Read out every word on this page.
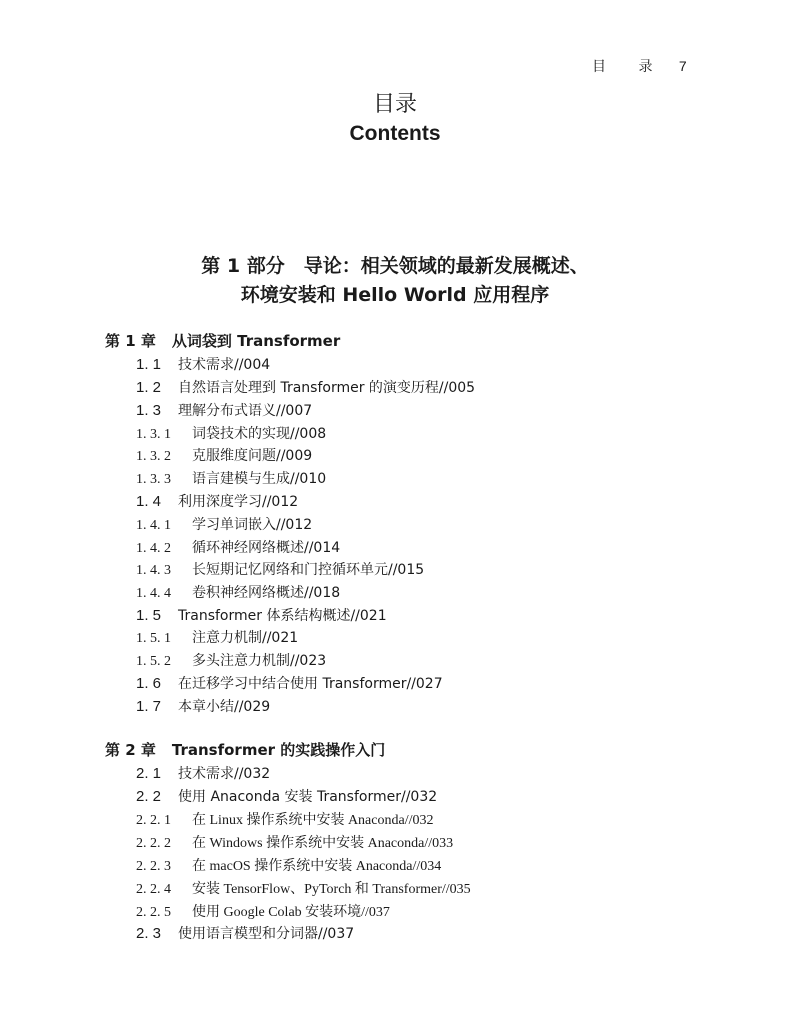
目 录 7
目录
Contents
第 1 部分　导论：相关领域的最新发展概述、
环境安装和 Hello World 应用程序
第 1 章 从词袋到 Transformer
1. 1 技术需求//004
1. 2 自然语言处理到 Transformer 的演变历程//005
1. 3 理解分布式语义//007
1. 3. 1 词袋技术的实现//008
1. 3. 2 克服维度问题//009
1. 3. 3 语言建模与生成//010
1. 4 利用深度学习//012
1. 4. 1 学习单词嵌入//012
1. 4. 2 循环神经网络概述//014
1. 4. 3 长短期记忆网络和门控循环单元//015
1. 4. 4 卷积神经网络概述//018
1. 5 Transformer 体系结构概述//021
1. 5. 1 注意力机制//021
1. 5. 2 多头注意力机制//023
1. 6 在迁移学习中结合使用 Transformer//027
1. 7 本章小结//029
第 2 章 Transformer 的实践操作入门
2. 1 技术需求//032
2. 2 使用 Anaconda 安装 Transformer//032
2. 2. 1 在 Linux 操作系统中安装 Anaconda//032
2. 2. 2 在 Windows 操作系统中安装 Anaconda//033
2. 2. 3 在 macOS 操作系统中安装 Anaconda//034
2. 2. 4 安装 TensorFlow、PyTorch 和 Transformer//035
2. 2. 5 使用 Google Colab 安装环境//037
2. 3 使用语言模型和分词器//037
